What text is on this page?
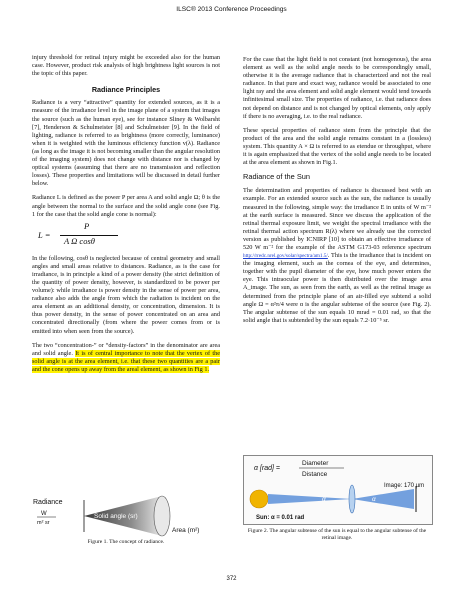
ILSC® 2013 Conference Proceedings

injury threshold for retinal injury might be exceeded also for the human case. However, product risk analysis of high brightness light sources is not the topic of this paper.

Radiance Principles

Radiance is a very “attractive” quantity for extended sources, as it is a measure of the irradiance level in the image plane of a system that images the source (such as the human eye), see for instance Sliney & Wolbarsht [7], Henderson & Schulmeister [8] and Schulmeister [9]. In the field of lighting, radiance is referred to as brightness (more correctly, luminance) when it is weighted with the luminous efficiency function v(λ). Radiance (as long as the image it is not becoming smaller than the angular resolution of the imaging system) does not change with distance nor is changed by optical systems (assuming that there are no transmission and reflection losses). These properties and limitations will be discussed in detail further below.

Radiance L is defined as the power P per area A and solid angle Ω; θ is the angle between the normal to the surface and the solid angle cone (see Fig. 1 for the case that the solid angle cone is normal):

L =
P
A Ω cosθ

In the following, cosθ is neglected because of central geometry and small angles and small areas relative to distances. Radiance, as is the case for irradiance, is in principle a kind of a power density (the strict definition of the quantity of power density, however, is standardized to be power per volume): while irradiance is power density in the sense of power per area, radiance also adds the angle from which the radiation is incident on the area element as an additional density, or concentration, dimension. It is thus power density, in the sense of power concentrated on an area and concentrated directionally (from where the power comes from or is emitted into when seen from the source).

The two “concentration-” or “density-factors” in the denominator are area and solid angle. It is of central importance to note that the vertex of the solid angle is at the area element, i.e. that these two quantities are a pair and the cone opens up away from the areal element, as shown in Fig 1.

Radiance
W
m² sr
Solid angle (sr)
Area (m²)
Figure 1. The concept of radiance.

For the case that the light field is not constant (not homogenous), the area element as well as the solid angle needs to be correspondingly small, otherwise it is the average radiance that is characterized and not the real radiance. In that pure and exact way, radiance would be associated to one light ray and the area element and solid angle element would tend towards infinitesimal small size. The properties of radiance, i.e. that radiance does not depend on distance and is not changed by optical elements, only apply if there is no averaging, i.e. to the real radiance.

These special properties of radiance stem from the principle that the product of the area and the solid angle remains constant in a (lossless) system. This quantity A × Ω is referred to as etendue or throughput, where it is again emphasized that the vertex of the solid angle needs to be located at the area element as shown in Fig.1.

Radiance of the Sun

The determination and properties of radiance is discussed best with an example. For an extended source such as the sun, the radiance is usually measured in the following, simple way: the irradiance E in units of W m⁻² at the earth surface is measured. Since we discuss the application of the retinal thermal exposure limit, we weight the spectral irradiance with the retinal thermal action spectrum R(λ) where we already use the corrected version as published by ICNIRP [10] to obtain an effective irradiance of 520 W m⁻² for the example of the ASTM G173-03 reference spectrum http://rredc.nrel.gov/solar/spectra/am1.5/. This is the irradiance that is incident on the imaging element, such as the cornea of the eye, and determines, together with the pupil diameter of the eye, how much power enters the eye. This intraocular power is then distributed over the image area A_image. The sun, as seen from the earth, as well as the retinal image as determined from the principle plane of an air-filled eye subtend a solid angle Ω = α²π/4 were α is the angular subtense of the source (see Fig. 2). The angular subtense of the sun equals 10 mrad = 0.01 rad, so that the solid angle that is subtended by the sun equals 7.2·10⁻⁵ sr.

α [rad] =
Diameter
Distance
Image: 170 µm
α	α
Sun: α = 0.01 rad
Figure 2. The angular subtense of the sun is equal to the angular subtense of the retinal image.
372
